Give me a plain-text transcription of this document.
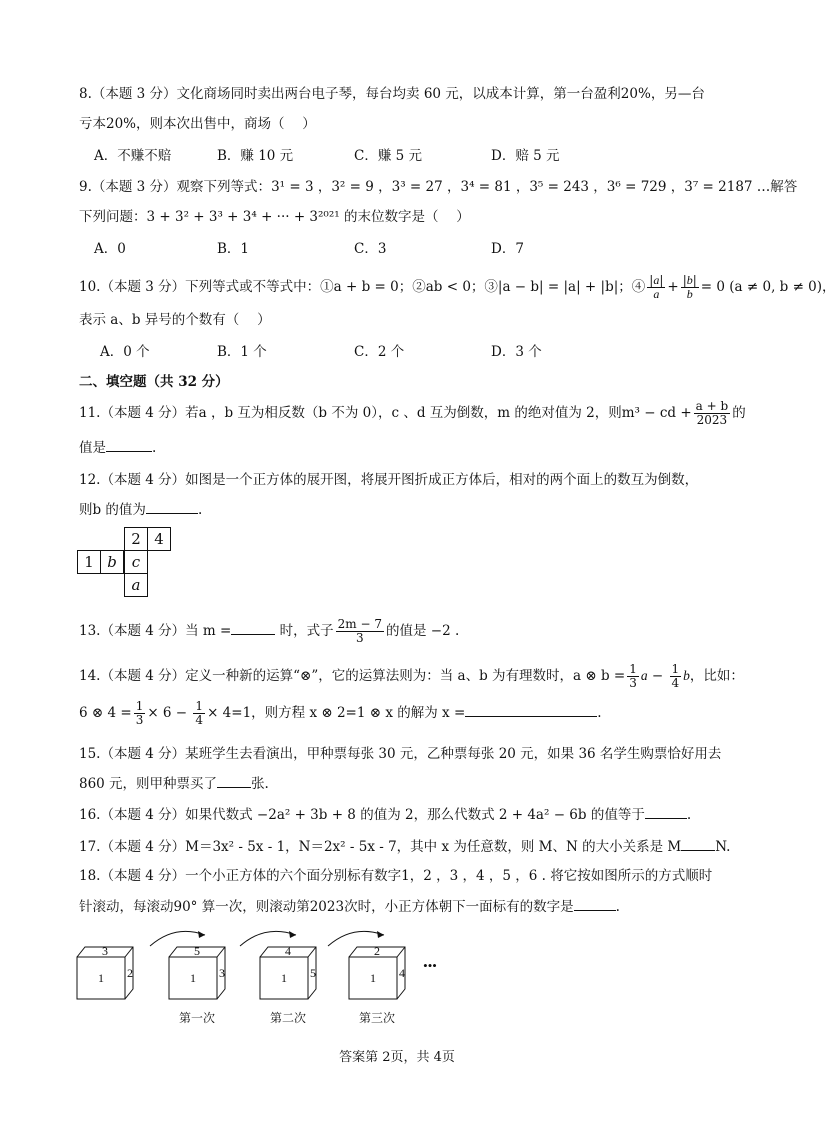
8.（本题 3 分）文化商场同时卖出两台电子琴，每台均卖 60 元，以成本计算，第一台盈利20%，另—台
亏本20%，则本次出售中，商场（　 ）
A．不赚不赔	B．赚 10 元	C．赚 5 元	D．赔 5 元
9.（本题 3 分）观察下列等式：3¹ = 3 ，3² = 9 ，3³ = 27 ，3⁴ = 81 ，3⁵ = 243 ，3⁶ = 729 ，3⁷ = 2187 …解答
下列问题：3 + 3² + 3³ + 3⁴ + ··· + 3²⁰²¹ 的末位数字是（　 ）
A．0	B．1	C．3	D．7
10.（本题 3 分）下列等式或不等式中：①a + b = 0；②ab < 0；③|a − b| = |a| + |b|；④ $\frac{|a|}{a} + \frac{|b|}{b} = 0$ (a ≠ 0, b ≠ 0)，
表示 a、b 异号的个数有（　 ）
A．0 个	B．1 个	C．2 个	D．3 个
二、填空题（共 32 分）
11.（本题 4 分）若a ，b 互为相反数（b 不为 0），c 、d 互为倒数，m 的绝对值为 2，则m³ − cd + $\frac{a + b}{2023}$ 的
值是	.
12.（本题 4 分）如图是一个正方体的展开图，将展开图折成正方体后，相对的两个面上的数互为倒数，
则b 的值为	.
2 4
1 b	c
a
13.（本题 4 分）当 m =	时，式子 $\frac{2m - 7}{3}$ 的值是 −2 .
14.（本题 4 分）定义一种新的运算“⊗”，它的运算法则为：当 a、b 为有理数时，a ⊗ $b = \frac{1}{3}$ $a - \frac{1}{4}$ b，比如：
6 ⊗ $4 = \frac{1}{3} \times 6 - \frac{1}{4} \times 4=1$，则方程 x ⊗ 2=1 ⊗ x 的解为 x =	.
15.（本题 4 分）某班学生去看演出，甲种票每张 30 元，乙种票每张 20 元，如果 36 名学生购票恰好用去
860 元，则甲种票买了	张.
16.（本题 4 分）如果代数式 −2a² + 3b + 8 的值为 2，那么代数式 2 + 4a² − 6b 的值等于	.
17.（本题 4 分）M＝3x² - 5x - 1，N＝2x² - 5x - 7，其中 x 为任意数，则 M、N 的大小关系是 M	N.
18.（本题 4 分）一个小正方体的六个面分别标有数字1，2 ，3 ，4 ，5 ，6 . 将它按如图所示的方式顺时
针滚动，每滚动90° 算一次，则滚动第2023次时，小正方体朝下一面标有的数字是	.
3
1 2
5
1 3
4
1 5
2
1 4 •••
第一次	第二次	第三次
答案第 2页，共 4页
